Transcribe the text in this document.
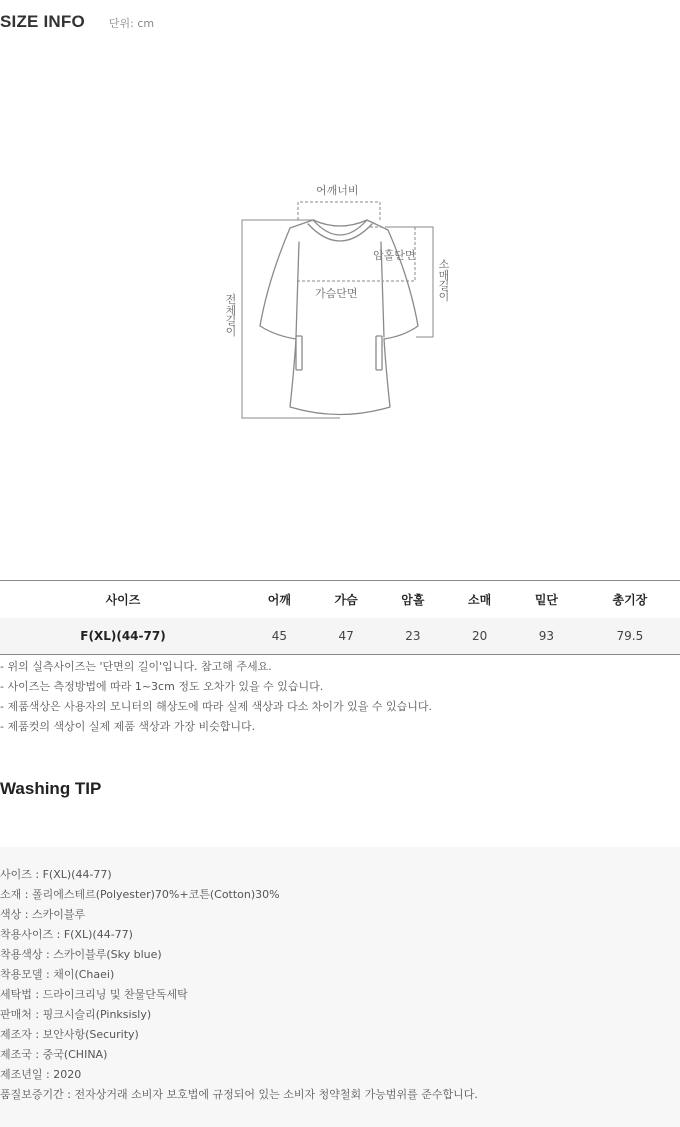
SIZE INFO 단위: cm
어깨너비
암홀단면
가슴단면
전체길이
소매길이
사이즈	어깨	가슴	암홀	소매	밑단	총기장
F(XL)(44-77)	45	47	23	20	93	79.5

- 위의 실측사이즈는 '단면의 길이'입니다. 참고해 주세요.

- 사이즈는 측정방법에 따라 1~3cm 정도 오차가 있을 수 있습니다.

- 제품색상은 사용자의 모니터의 해상도에 따라 실제 색상과 다소 차이가 있을 수 있습니다.

- 제품컷의 색상이 실제 제품 색상과 가장 비슷합니다.

Washing TIP

사이즈 : F(XL)(44-77)

소재 : 폴리에스테르(Polyester)70%+코튼(Cotton)30%

색상 : 스카이블루

착용사이즈 : F(XL)(44-77)

착용색상 : 스카이블루(Sky blue)

착용모델 : 채이(Chaei)

세탁법 : 드라이크리닝 및 찬물단독세탁

판매처 : 핑크시슬리(Pinksisly)

제조자 : 보안사항(Security)

제조국 : 중국(CHINA)

제조년일 : 2020

품질보증기간 : 전자상거래 소비자 보호법에 규정되어 있는 소비자 청약철회 가능범위를 준수합니다.
